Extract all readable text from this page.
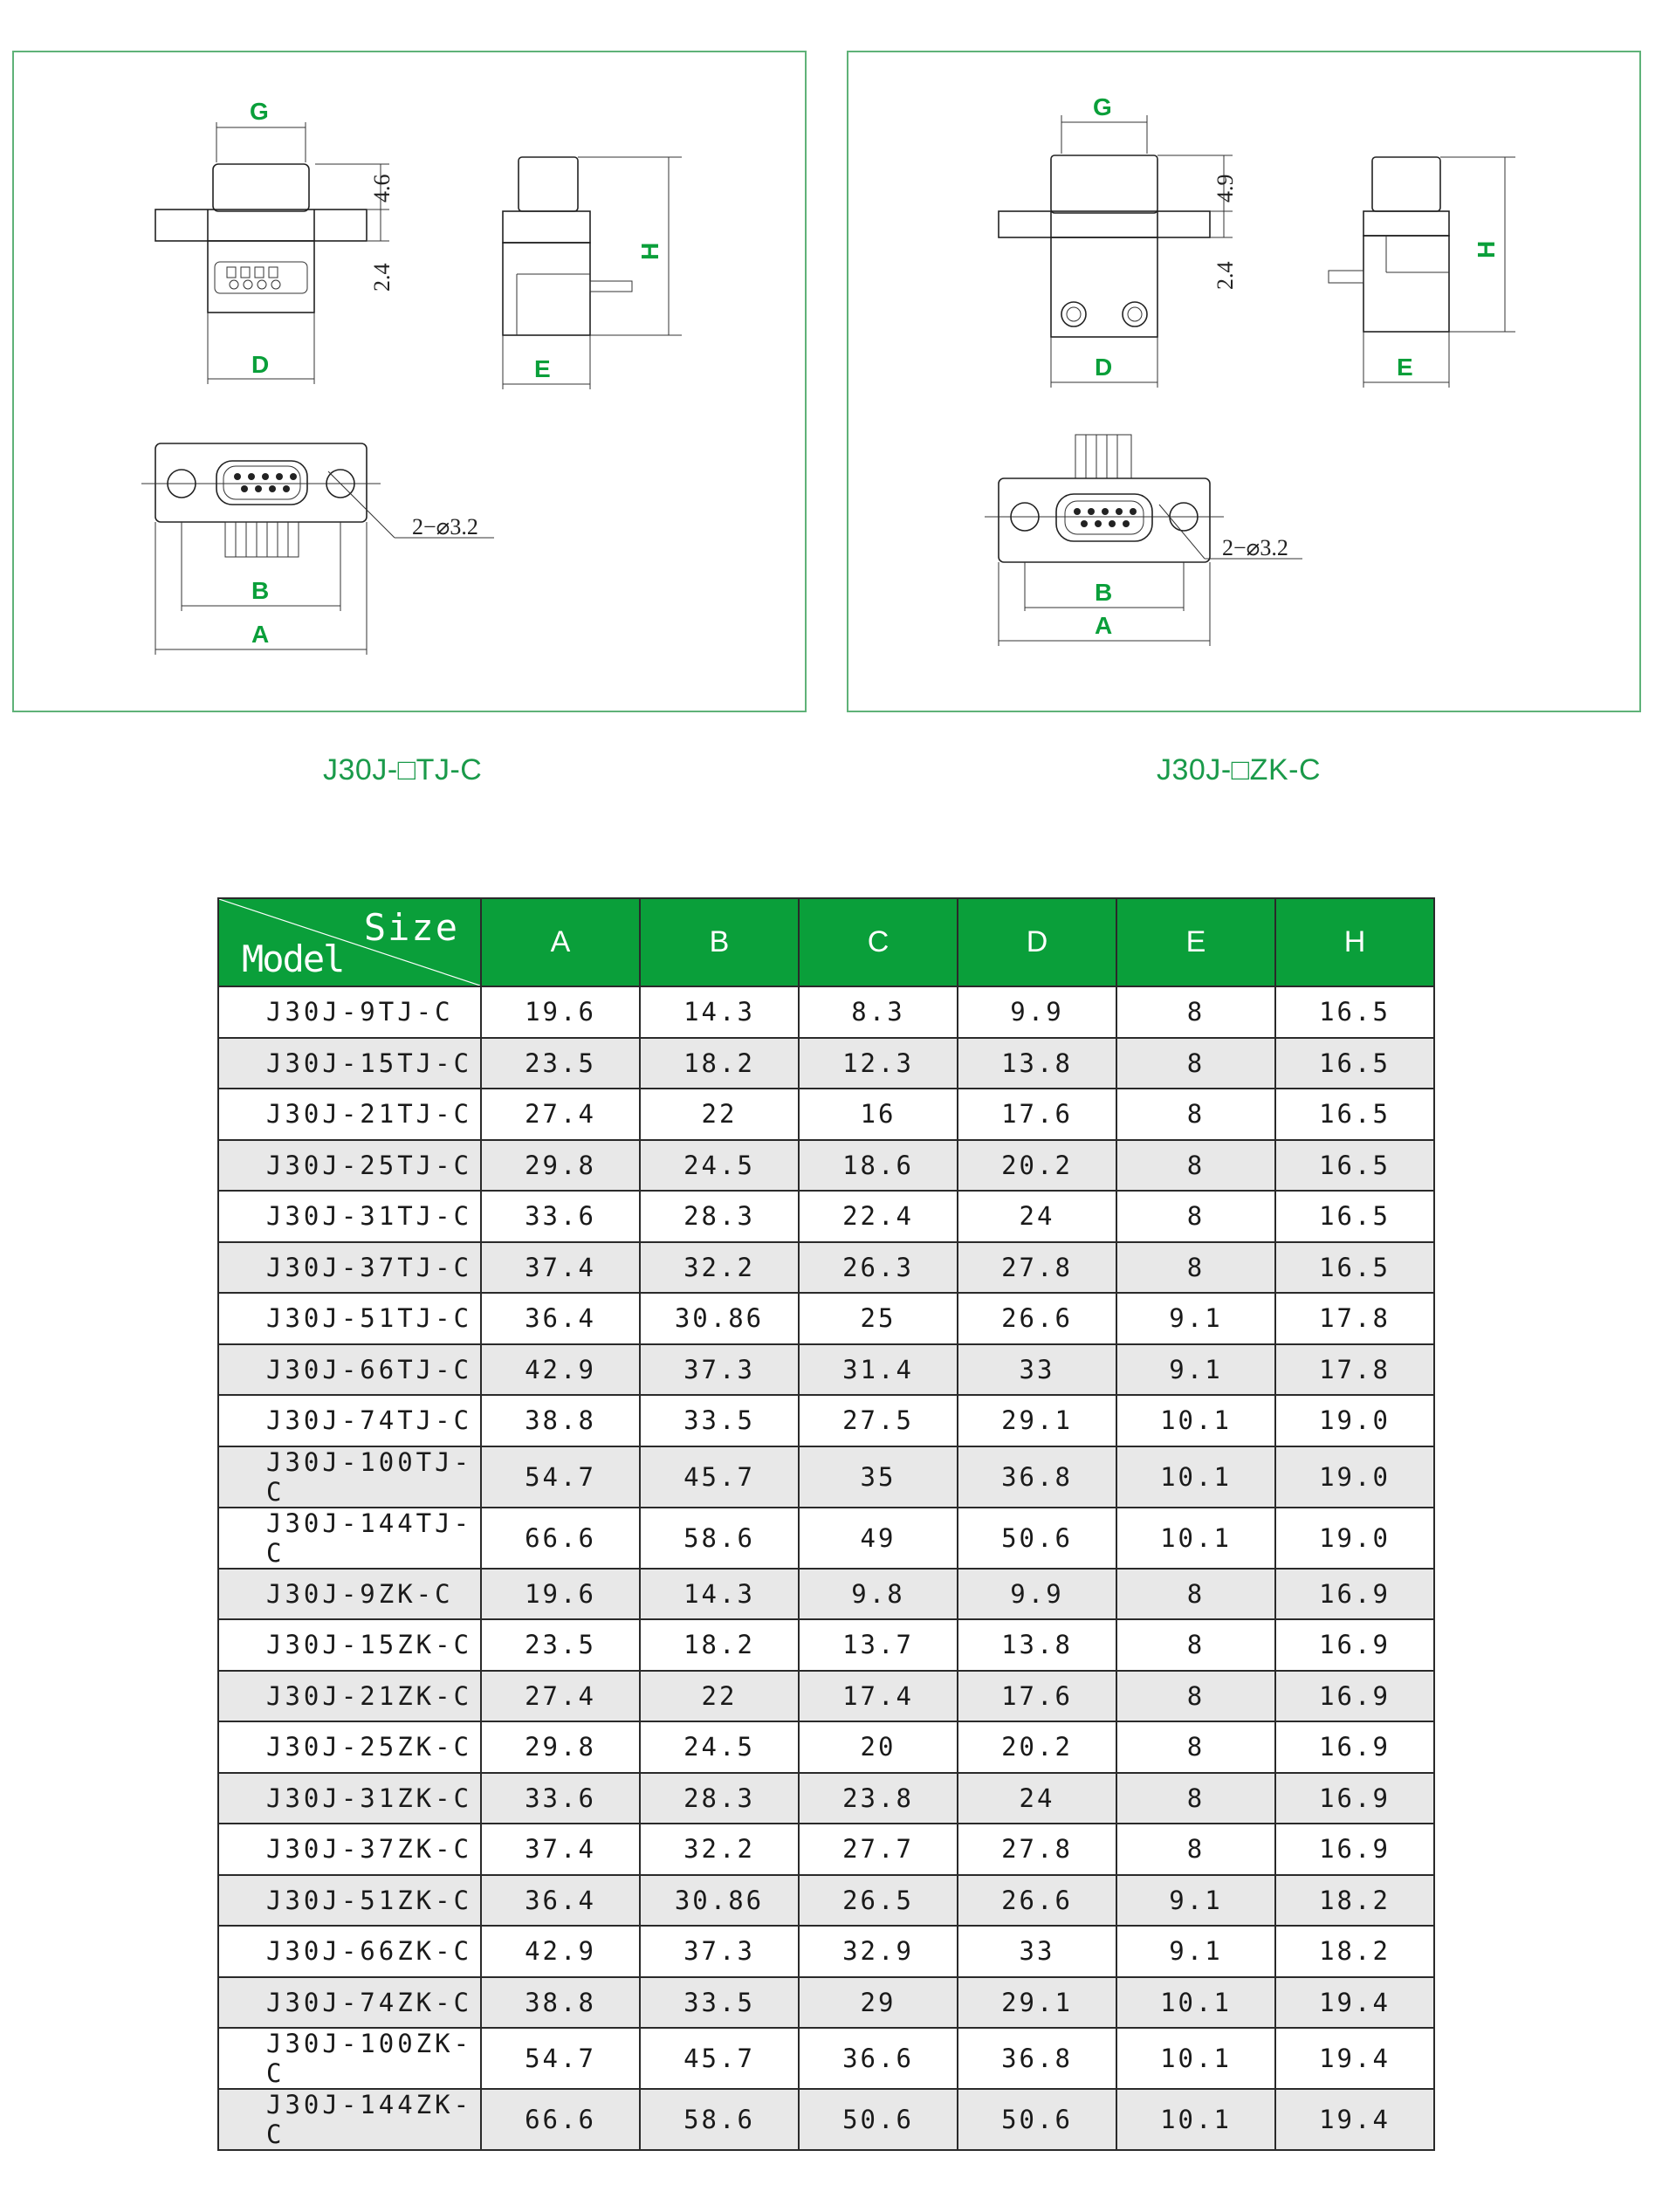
G
D
4.6
2.4
H
E
2−⌀3.2
B
A
G
D
4.9
2.4
H
E
2−⌀3.2
B
A
J30J-□TJ-C	J30J-□ZK-C
Size
Model	A	B	C	D	E	H
J30J-9TJ-C	19.6	14.3	8.3	9.9	8	16.5
J30J-15TJ-C	23.5	18.2	12.3	13.8	8	16.5
J30J-21TJ-C	27.4	22	16	17.6	8	16.5
J30J-25TJ-C	29.8	24.5	18.6	20.2	8	16.5
J30J-31TJ-C	33.6	28.3	22.4	24	8	16.5
J30J-37TJ-C	37.4	32.2	26.3	27.8	8	16.5
J30J-51TJ-C	36.4	30.86	25	26.6	9.1	17.8
J30J-66TJ-C	42.9	37.3	31.4	33	9.1	17.8
J30J-74TJ-C	38.8	33.5	27.5	29.1	10.1	19.0
J30J-100TJ-C	54.7	45.7	35	36.8	10.1	19.0
J30J-144TJ-C	66.6	58.6	49	50.6	10.1	19.0
J30J-9ZK-C	19.6	14.3	9.8	9.9	8	16.9
J30J-15ZK-C	23.5	18.2	13.7	13.8	8	16.9
J30J-21ZK-C	27.4	22	17.4	17.6	8	16.9
J30J-25ZK-C	29.8	24.5	20	20.2	8	16.9
J30J-31ZK-C	33.6	28.3	23.8	24	8	16.9
J30J-37ZK-C	37.4	32.2	27.7	27.8	8	16.9
J30J-51ZK-C	36.4	30.86	26.5	26.6	9.1	18.2
J30J-66ZK-C	42.9	37.3	32.9	33	9.1	18.2
J30J-74ZK-C	38.8	33.5	29	29.1	10.1	19.4
J30J-100ZK-C	54.7	45.7	36.6	36.8	10.1	19.4
J30J-144ZK-C	66.6	58.6	50.6	50.6	10.1	19.4
